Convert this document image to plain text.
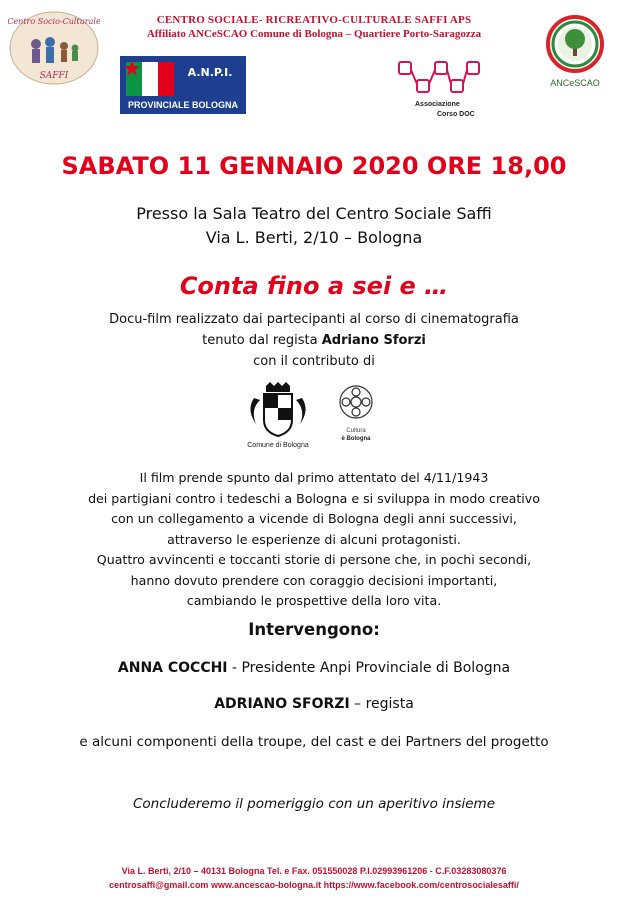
CENTRO SOCIALE- RICREATIVO-CULTURALE SAFFI APS
Affiliato ANCeSCAO Comune di Bologna – Quartiere Porto-Saragozza
Centro Socio-Culturale
SAFFI
ANCeSCAO
A.N.P.I.
PROVINCIALE BOLOGNA	Associazione
Corso DOC
SABATO 11 GENNAIO 2020 ORE 18,00
Presso la Sala Teatro del Centro Sociale Saffi
Via L. Berti, 2/10 – Bologna
Conta fino a sei e …
Docu-film realizzato dai partecipanti al corso di cinematografia
tenuto dal regista Adriano Sforzi
con il contributo di
Comune di Bologna
Cultura
è Bologna
Il film prende spunto dal primo attentato del 4/11/1943
dei partigiani contro i tedeschi a Bologna e si sviluppa in modo creativo
con un collegamento a vicende di Bologna degli anni successivi,
attraverso le esperienze di alcuni protagonisti.
Quattro avvincenti e toccanti storie di persone che, in pochi secondi,
hanno dovuto prendere con coraggio decisioni importanti,
cambiando le prospettive della loro vita.
Intervengono:
ANNA COCCHI - Presidente Anpi Provinciale di Bologna
ADRIANO SFORZI – regista
e alcuni componenti della troupe, del cast e dei Partners del progetto
Concluderemo il pomeriggio con un aperitivo insieme
Via L. Berti, 2/10 – 40131 Bologna Tel. e Fax. 051550028 P.I.02993961206 - C.F.03283080376
centrosaffi@gmail.com www.ancescao-bologna.it https://www.facebook.com/centrosocialesaffi/
